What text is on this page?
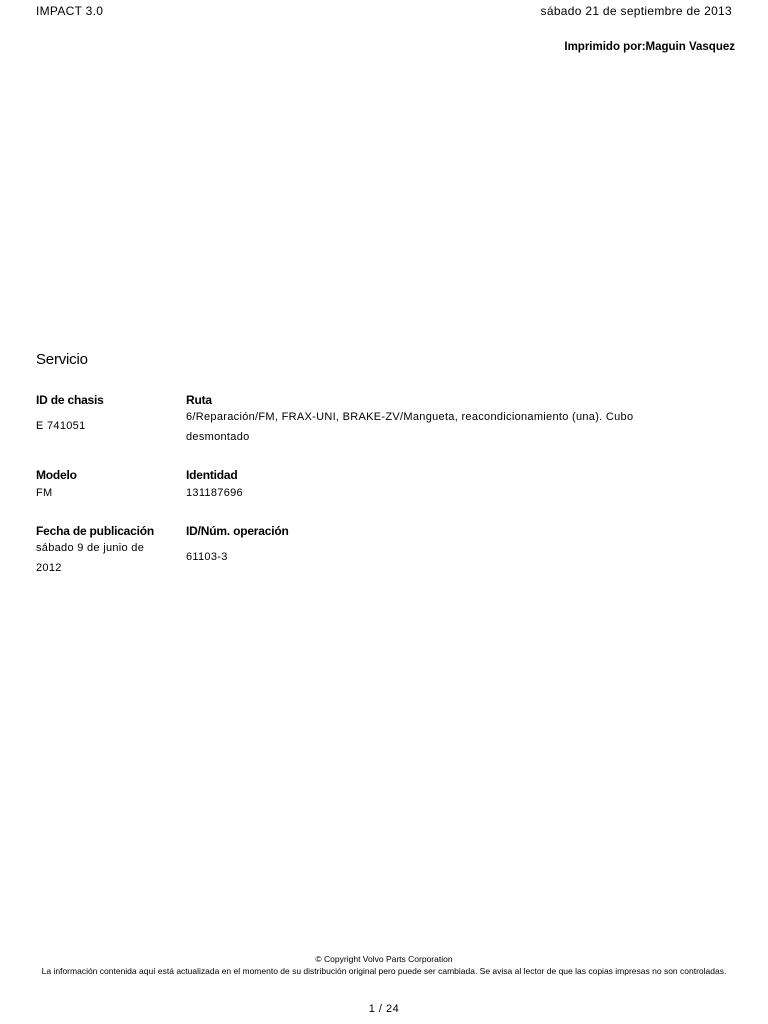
IMPACT 3.0	sábado 21 de septiembre de 2013
Imprimido por:Maguin Vasquez
Servicio
ID de chasis
E 741051
Ruta
6/Reparación/FM, FRAX-UNI, BRAKE-ZV/Mangueta, reacondicionamiento (una). Cubo
desmontado
Modelo
FM
Identidad
131187696
Fecha de publicación
sábado 9 de junio de
2012
ID/Núm. operación
61103-3
© Copyright Volvo Parts Corporation
La información contenida aquí está actualizada en el momento de su distribución original pero puede ser cambiada. Se avisa al lector de que las copias impresas no son controladas.
1 / 24
